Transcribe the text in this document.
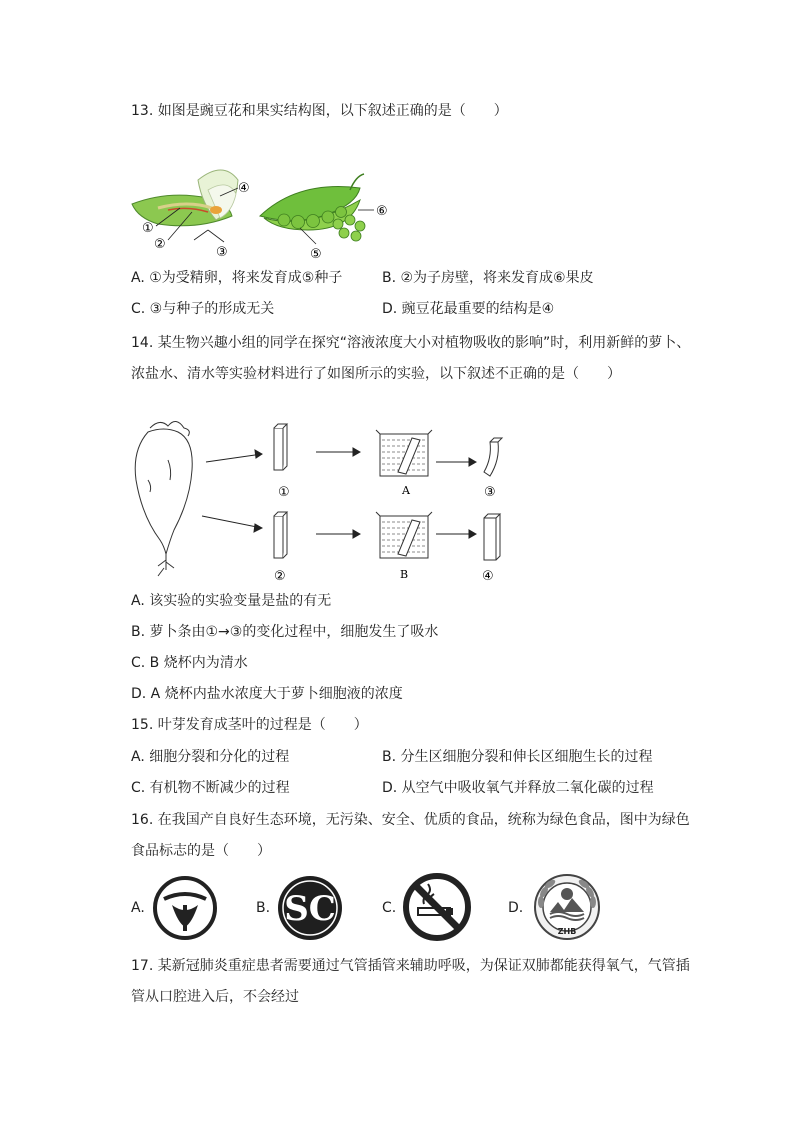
13. 如图是豌豆花和果实结构图，以下叙述正确的是（　　）
①
②
③
④
⑤
⑥
A. ①为受精卵，将来发育成⑤种子	B. ②为子房壁，将来发育成⑥果皮
C. ③与种子的形成无关	D. 豌豆花最重要的结构是④
14. 某生物兴趣小组的同学在探究“溶液浓度大小对植物吸收的影响”时，利用新鲜的萝卜、
浓盐水、清水等实验材料进行了如图所示的实验，以下叙述不正确的是（　　）
①
②
③
④
A
B
A. 该实验的实验变量是盐的有无
B. 萝卜条由①→③的变化过程中，细胞发生了吸水
C. B 烧杯内为清水
D. A 烧杯内盐水浓度大于萝卜细胞液的浓度
15. 叶芽发育成茎叶的过程是（　　）
A. 细胞分裂和分化的过程	B. 分生区细胞分裂和伸长区细胞生长的过程
C. 有机物不断减少的过程	D. 从空气中吸收氧气并释放二氧化碳的过程
16. 在我国产自良好生态环境，无污染、安全、优质的食品，统称为绿色食品，图中为绿色
食品标志的是（　　）
A.	B. SC	C.	D.
ZHB
17. 某新冠肺炎重症患者需要通过气管插管来辅助呼吸，为保证双肺都能获得氧气，气管插
管从口腔进入后，不会经过
